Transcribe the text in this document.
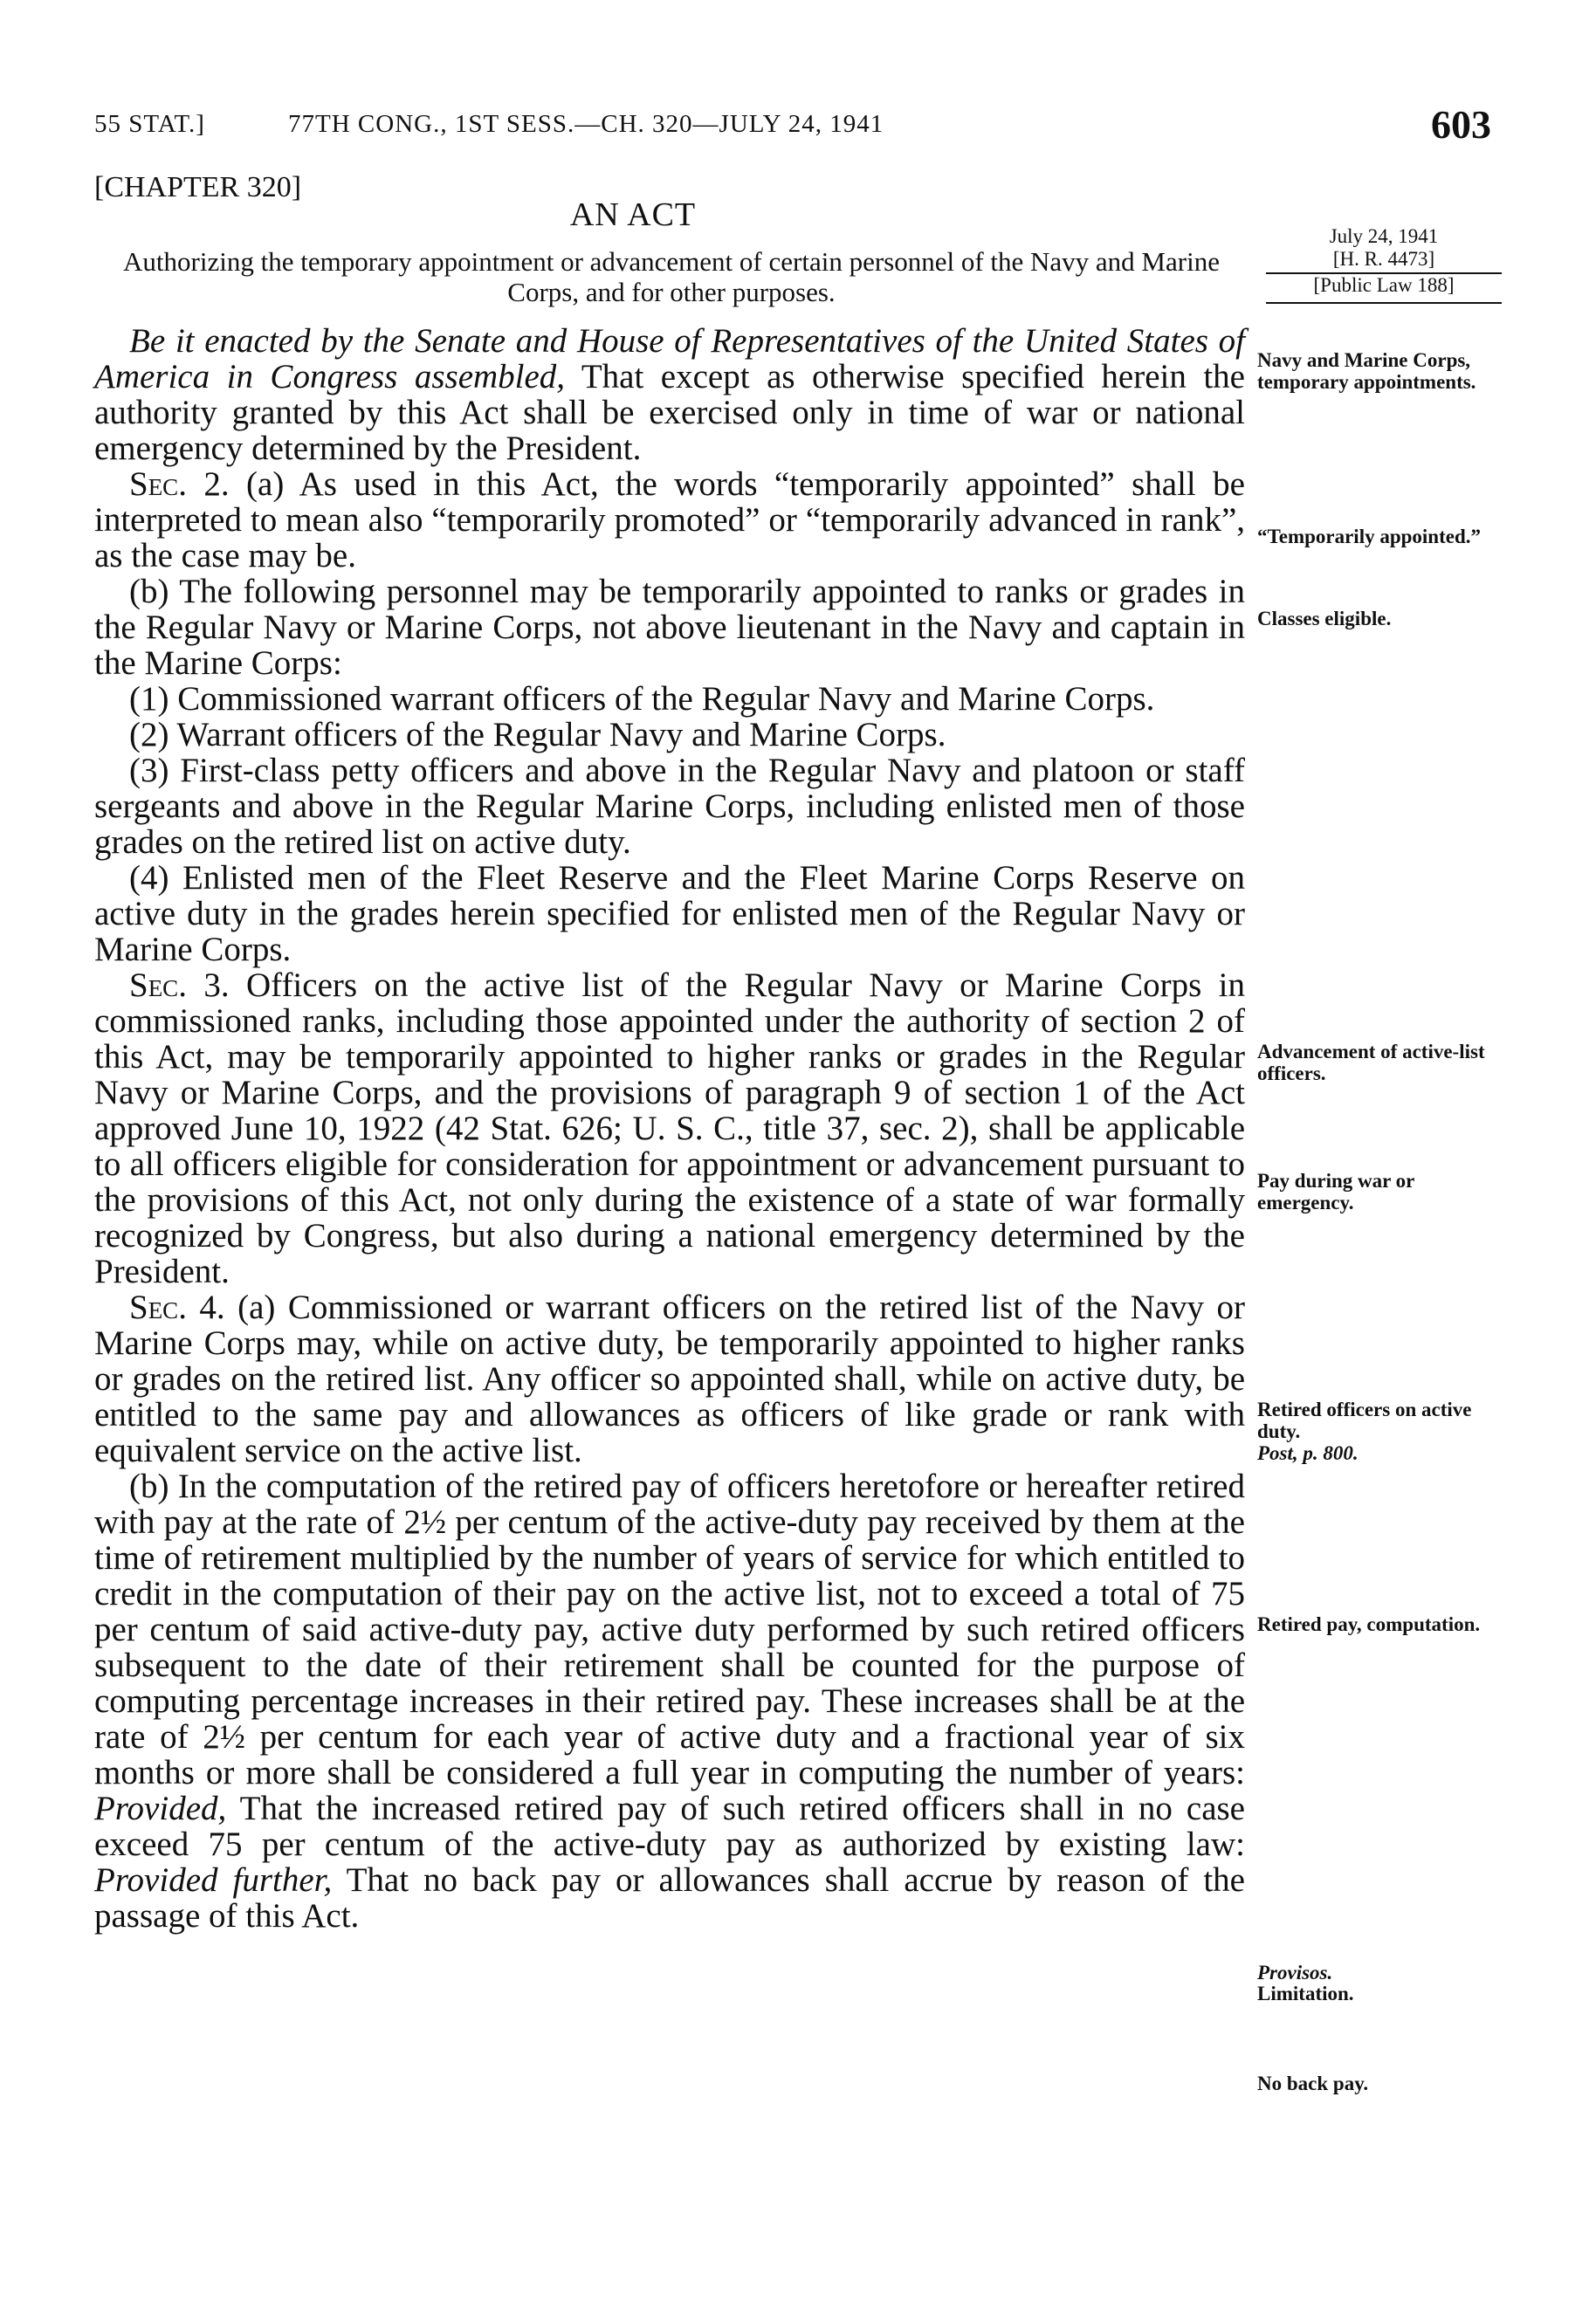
55 STAT.]	77TH CONG., 1ST SESS.—CH. 320—JULY 24, 1941	603
[CHAPTER 320]
AN ACT
Authorizing the temporary appointment or advancement of certain personnel of the Navy and Marine Corps, and for other purposes.
July 24, 1941
[H. R. 4473]
[Public Law 188]

Be it enacted by the Senate and House of Representatives of the United States of America in Congress assembled, That except as otherwise specified herein the authority granted by this Act shall be exercised only in time of war or national emergency determined by the President.

Sec. 2. (a) As used in this Act, the words “temporarily appointed” shall be interpreted to mean also “temporarily promoted” or “temporarily advanced in rank”, as the case may be.

(b) The following personnel may be temporarily appointed to ranks or grades in the Regular Navy or Marine Corps, not above lieutenant in the Navy and captain in the Marine Corps:

(1) Commissioned warrant officers of the Regular Navy and Marine Corps.

(2) Warrant officers of the Regular Navy and Marine Corps.

(3) First-class petty officers and above in the Regular Navy and platoon or staff sergeants and above in the Regular Marine Corps, including enlisted men of those grades on the retired list on active duty.

(4) Enlisted men of the Fleet Reserve and the Fleet Marine Corps Reserve on active duty in the grades herein specified for enlisted men of the Regular Navy or Marine Corps.

Sec. 3. Officers on the active list of the Regular Navy or Marine Corps in commissioned ranks, including those appointed under the authority of section 2 of this Act, may be temporarily appointed to higher ranks or grades in the Regular Navy or Marine Corps, and the provisions of paragraph 9 of section 1 of the Act approved June 10, 1922 (42 Stat. 626; U. S. C., title 37, sec. 2), shall be applicable to all officers eligible for consideration for appointment or advancement pursuant to the provisions of this Act, not only during the existence of a state of war formally recognized by Congress, but also during a national emergency determined by the President.

Sec. 4. (a) Commissioned or warrant officers on the retired list of the Navy or Marine Corps may, while on active duty, be temporarily appointed to higher ranks or grades on the retired list. Any officer so appointed shall, while on active duty, be entitled to the same pay and allowances as officers of like grade or rank with equivalent service on the active list.

(b) In the computation of the retired pay of officers heretofore or hereafter retired with pay at the rate of 2½ per centum of the active-duty pay received by them at the time of retirement multiplied by the number of years of service for which entitled to credit in the computation of their pay on the active list, not to exceed a total of 75 per centum of said active-duty pay, active duty performed by such retired officers subsequent to the date of their retirement shall be counted for the purpose of computing percentage increases in their retired pay. These increases shall be at the rate of 2½ per centum for each year of active duty and a fractional year of six months or more shall be considered a full year in computing the number of years: Provided, That the increased retired pay of such retired officers shall in no case exceed 75 per centum of the active-duty pay as authorized by existing law: Provided further, That no back pay or allowances shall accrue by reason of the passage of this Act.

Navy and Marine Corps, temporary appointments.
“Temporarily appointed.”
Classes eligible.
Advancement of active-list officers.
Pay during war or emergency.
Retired officers on active duty.
Post, p. 800.
Retired pay, computation.
Provisos.
Limitation.
No back pay.
